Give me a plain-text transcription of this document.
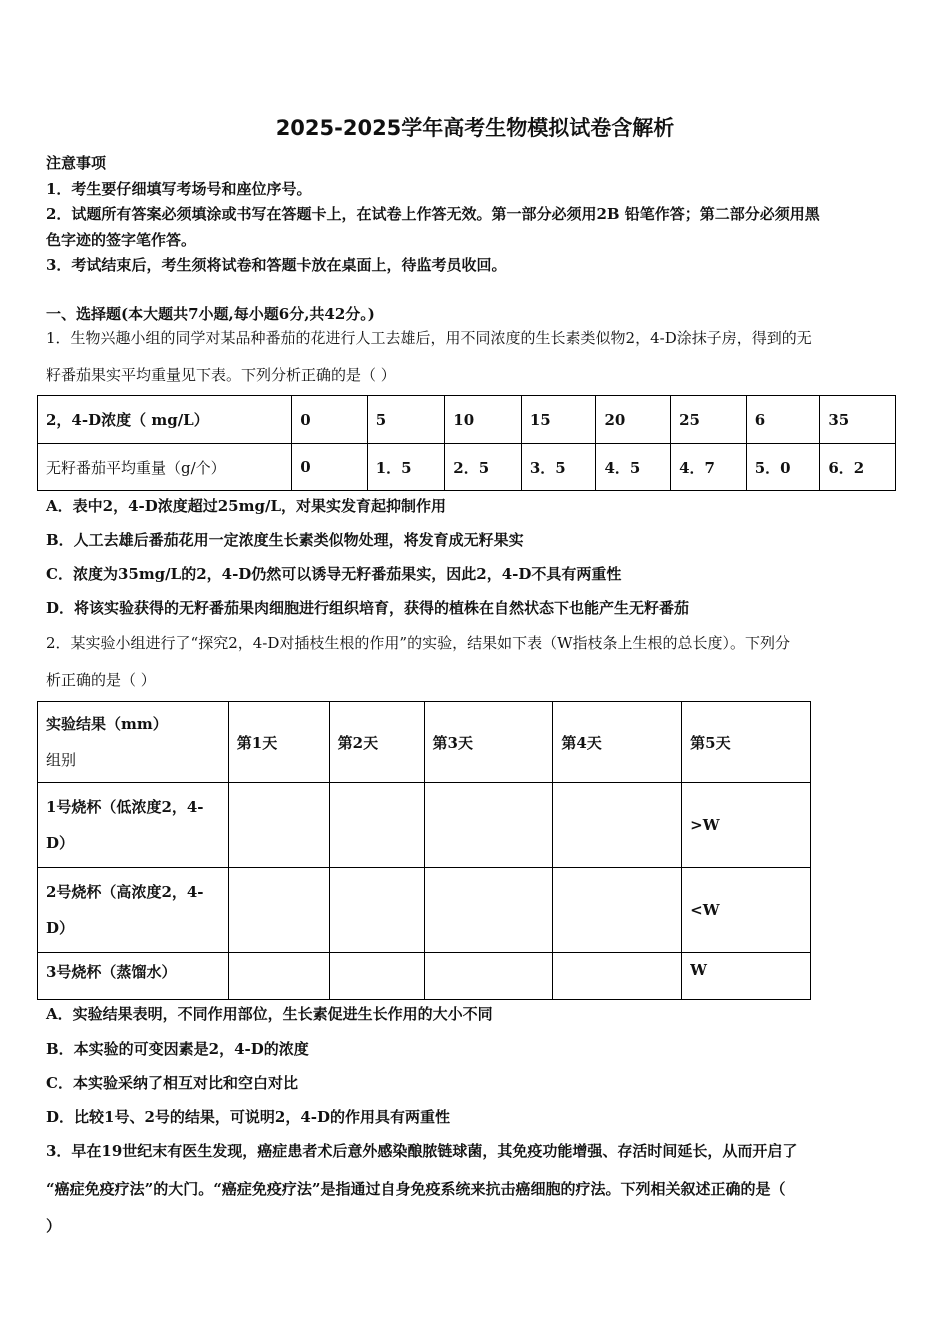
2025-2025学年高考生物模拟试卷含解析
注意事项
1．考生要仔细填写考场号和座位序号。
2．试题所有答案必须填涂或书写在答题卡上，在试卷上作答无效。第一部分必须用2B 铅笔作答；第二部分必须用黑
色字迹的签字笔作答。
3．考试结束后，考生须将试卷和答题卡放在桌面上，待监考员收回。
一、选择题(本大题共7小题,每小题6分,共42分。)
1．生物兴趣小组的同学对某品种番茄的花进行人工去雄后，用不同浓度的生长素类似物2，4-D涂抹子房，得到的无
籽番茄果实平均重量见下表。下列分析正确的是（ ）
2，4-D浓度（ mg/L）	0	5	10	15	20	25	6	35
无籽番茄平均重量（g/个）	0	1．5	2．5	3．5	4．5	4．7	5．0	6．2
A．表中2，4-D浓度超过25mg/L，对果实发育起抑制作用
B．人工去雄后番茄花用一定浓度生长素类似物处理，将发育成无籽果实
C．浓度为35mg/L的2，4-D仍然可以诱导无籽番茄果实，因此2，4-D不具有两重性
D．将该实验获得的无籽番茄果肉细胞进行组织培育，获得的植株在自然状态下也能产生无籽番茄
2．某实验小组进行了“探究2，4-D对插枝生根的作用”的实验，结果如下表（W指枝条上生根的总长度）。下列分
析正确的是（ ）
实验结果（mm）
组别	第1天	第2天	第3天	第4天	第5天

1号烧杯（低浓度2，4-
D）					>W

2号烧杯（高浓度2，4-
D）					<W
3号烧杯（蒸馏水）					W
A．实验结果表明，不同作用部位，生长素促进生长作用的大小不同
B．本实验的可变因素是2，4-D的浓度
C．本实验采纳了相互对比和空白对比
D．比较1号、2号的结果，可说明2，4-D的作用具有两重性
3．早在19世纪末有医生发现，癌症患者术后意外感染酿脓链球菌，其免疫功能增强、存活时间延长，从而开启了
“癌症免疫疗法”的大门。“癌症免疫疗法”是指通过自身免疫系统来抗击癌细胞的疗法。下列相关叙述正确的是（
）
